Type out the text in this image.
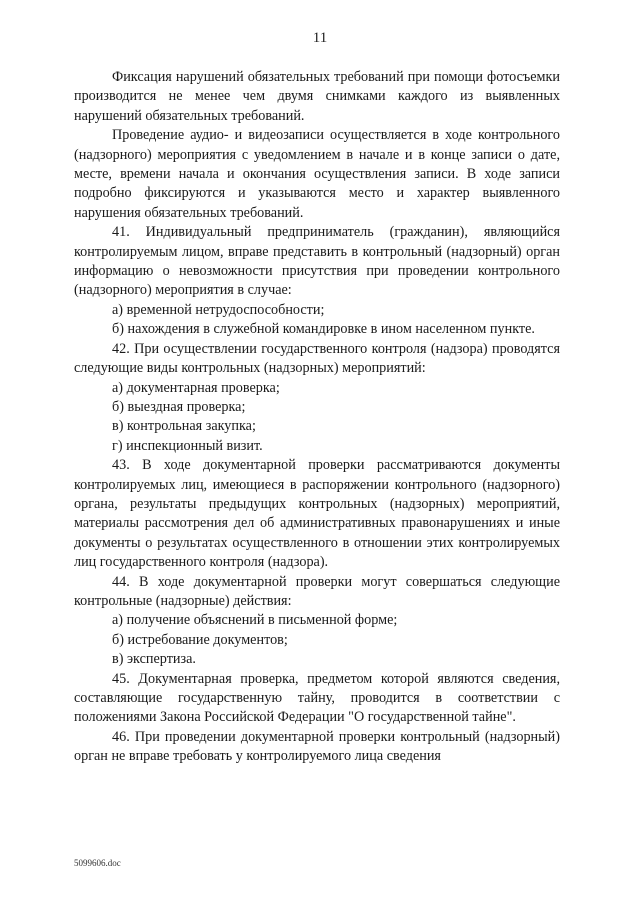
11

Фиксация нарушений обязательных требований при помощи фотосъемки производится не менее чем двумя снимками каждого из выявленных нарушений обязательных требований.

Проведение аудио- и видеозаписи осуществляется в ходе контрольного (надзорного) мероприятия с уведомлением в начале и в конце записи о дате, месте, времени начала и окончания осуществления записи. В ходе записи подробно фиксируются и указываются место и характер выявленного нарушения обязательных требований.

41. Индивидуальный предприниматель (гражданин), являющийся контролируемым лицом, вправе представить в контрольный (надзорный) орган информацию о невозможности присутствия при проведении контрольного (надзорного) мероприятия в случае:

а) временной нетрудоспособности;

б) нахождения в служебной командировке в ином населенном пункте.

42. При осуществлении государственного контроля (надзора) проводятся следующие виды контрольных (надзорных) мероприятий:

а) документарная проверка;

б) выездная проверка;

в) контрольная закупка;

г) инспекционный визит.

43. В ходе документарной проверки рассматриваются документы контролируемых лиц, имеющиеся в распоряжении контрольного (надзорного) органа, результаты предыдущих контрольных (надзорных) мероприятий, материалы рассмотрения дел об административных правонарушениях и иные документы о результатах осуществленного в отношении этих контролируемых лиц государственного контроля (надзора).

44. В ходе документарной проверки могут совершаться следующие контрольные (надзорные) действия:

а) получение объяснений в письменной форме;

б) истребование документов;

в) экспертиза.

45. Документарная проверка, предметом которой являются сведения, составляющие государственную тайну, проводится в соответствии с положениями Закона Российской Федерации "О государственной тайне".

46. При проведении документарной проверки контрольный (надзорный) орган не вправе требовать у контролируемого лица сведения

5099606.doc
